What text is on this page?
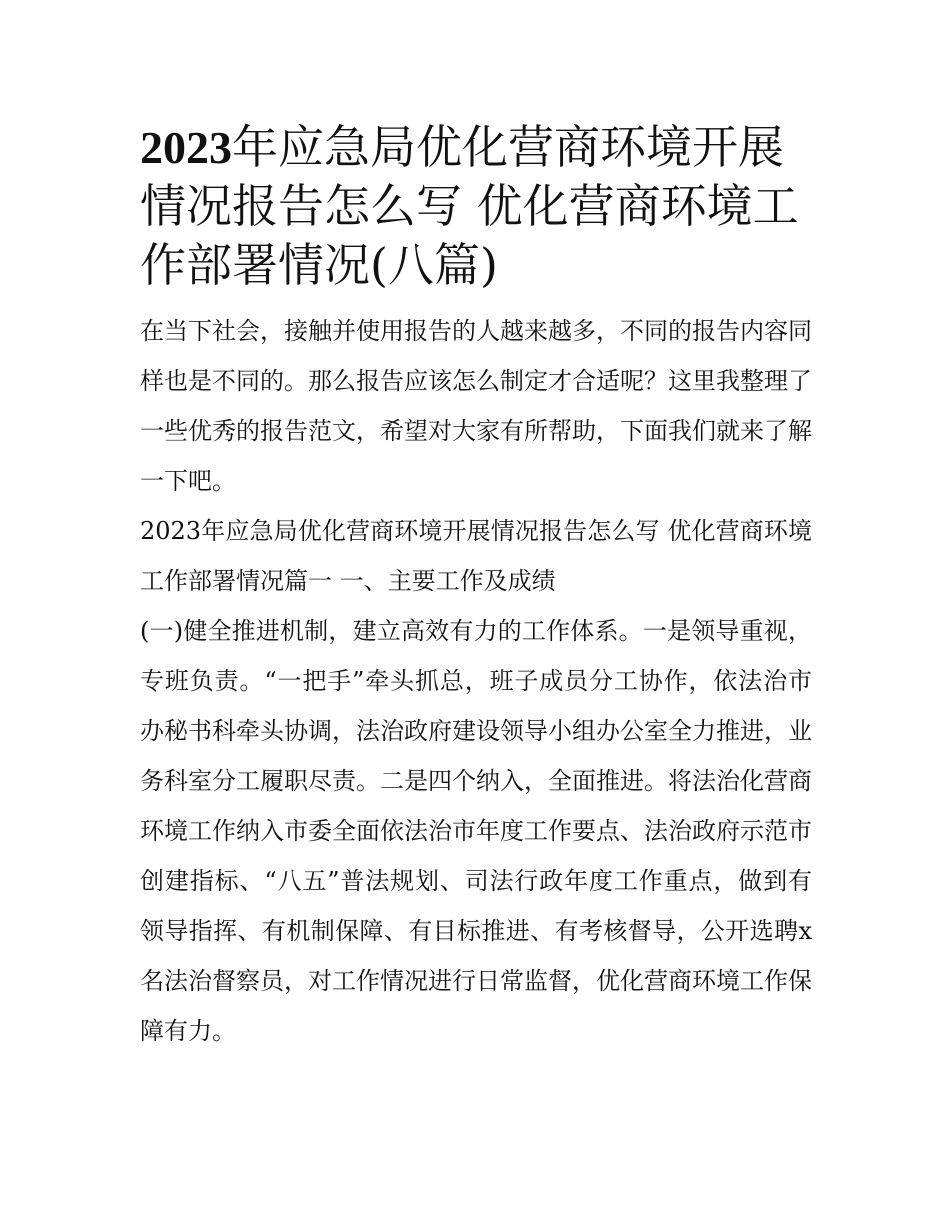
2023年应急局优化营商环境开展情况报告怎么写 优化营商环境工作部署情况(八篇)

在当下社会，接触并使用报告的人越来越多，不同的报告内容同样也是不同的。那么报告应该怎么制定才合适呢？这里我整理了一些优秀的报告范文，希望对大家有所帮助，下面我们就来了解一下吧。

2023年应急局优化营商环境开展情况报告怎么写 优化营商环境工作部署情况篇一 一、主要工作及成绩

(一)健全推进机制，建立高效有力的工作体系。一是领导重视，专班负责。“一把手”牵头抓总，班子成员分工协作，依法治市办秘书科牵头协调，法治政府建设领导小组办公室全力推进，业务科室分工履职尽责。二是四个纳入，全面推进。将法治化营商环境工作纳入市委全面依法治市年度工作要点、法治政府示范市创建指标、“八五”普法规划、司法行政年度工作重点，做到有领导指挥、有机制保障、有目标推进、有考核督导，公开选聘x名法治督察员，对工作情况进行日常监督，优化营商环境工作保障有力。
